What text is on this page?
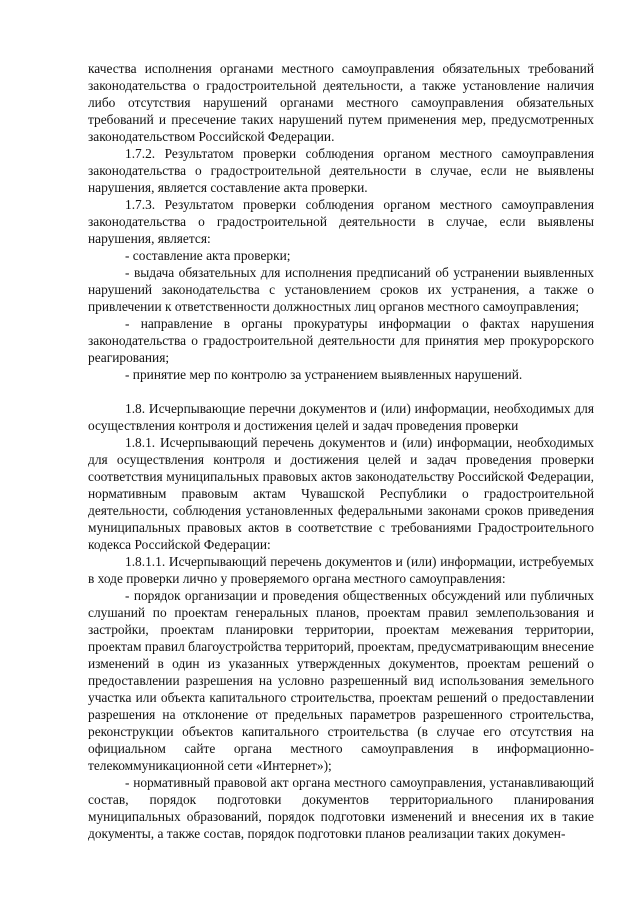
качества исполнения органами местного самоуправления обязательных требований законодательства о градостроительной деятельности, а также установление наличия либо отсутствия нарушений органами местного самоуправления обязательных требований и пресечение таких нарушений путем применения мер, предусмотренных законодательством Российской Федерации.

1.7.2. Результатом проверки соблюдения органом местного самоуправления законодательства о градостроительной деятельности в случае, если не выявлены нарушения, является составление акта проверки.

1.7.3. Результатом проверки соблюдения органом местного самоуправления законодательства о градостроительной деятельности в случае, если выявлены нарушения, является:

- составление акта проверки;

- выдача обязательных для исполнения предписаний об устранении выявленных нарушений законодательства с установлением сроков их устранения, а также о привлечении к ответственности должностных лиц органов местного самоуправления;

- направление в органы прокуратуры информации о фактах нарушения законодательства о градостроительной деятельности для принятия мер прокурорского реагирования;

- принятие мер по контролю за устранением выявленных нарушений.

1.8. Исчерпывающие перечни документов и (или) информации, необходимых для осуществления контроля и достижения целей и задач проведения проверки

1.8.1. Исчерпывающий перечень документов и (или) информации, необходимых для осуществления контроля и достижения целей и задач проведения проверки соответствия муниципальных правовых актов законодательству Российской Федерации, нормативным правовым актам Чувашской Республики о градостроительной деятельности, соблюдения установленных федеральными законами сроков приведения муниципальных правовых актов в соответствие с требованиями Градостроительного кодекса Российской Федерации:

1.8.1.1. Исчерпывающий перечень документов и (или) информации, истребуемых в ходе проверки лично у проверяемого органа местного самоуправления:

- порядок организации и проведения общественных обсуждений или публичных слушаний по проектам генеральных планов, проектам правил землепользования и застройки, проектам планировки территории, проектам межевания территории, проектам правил благоустройства территорий, проектам, предусматривающим внесение изменений в один из указанных утвержденных документов, проектам решений о предоставлении разрешения на условно разрешенный вид использования земельного участка или объекта капитального строительства, проектам решений о предоставлении разрешения на отклонение от предельных параметров разрешенного строительства, реконструкции объектов капитального строительства (в случае его отсутствия на официальном сайте органа местного самоуправления в информационно-телекоммуникационной сети «Интернет»);

- нормативный правовой акт органа местного самоуправления, устанавливающий состав, порядок подготовки документов территориального планирования муниципальных образований, порядок подготовки изменений и внесения их в такие документы, а также состав, порядок подготовки планов реализации таких докумен-
